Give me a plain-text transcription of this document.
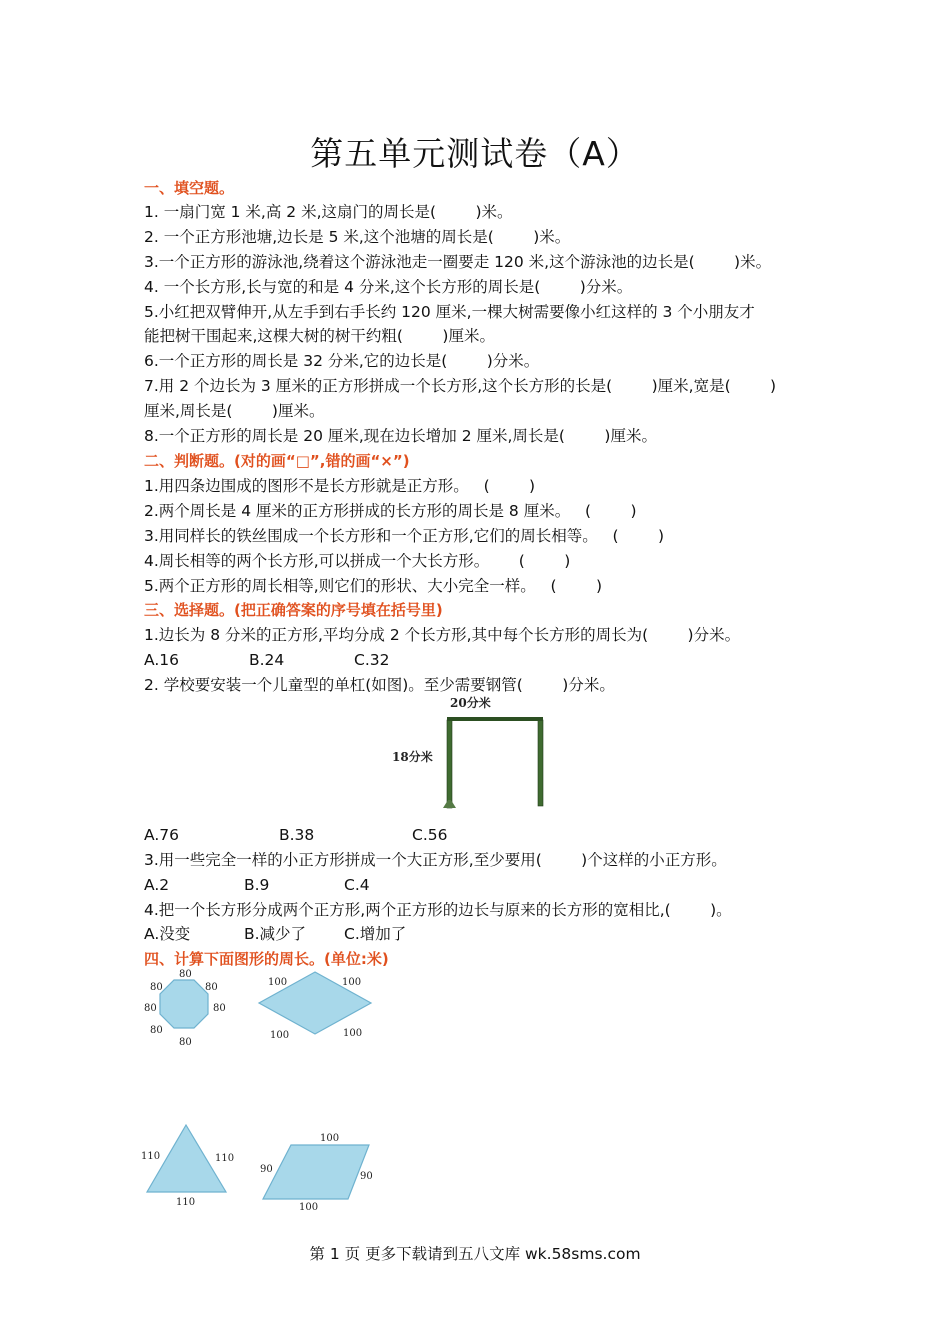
第五单元测试卷（A）
一、填空题。
1. 一扇门宽 1 米,高 2 米,这扇门的周长是(        )米。
2. 一个正方形池塘,边长是 5 米,这个池塘的周长是(        )米。
3.一个正方形的游泳池,绕着这个游泳池走一圈要走 120 米,这个游泳池的边长是(        )米。
4. 一个长方形,长与宽的和是 4 分米,这个长方形的周长是(        )分米。
5.小红把双臂伸开,从左手到右手长约 120 厘米,一棵大树需要像小红这样的 3 个小朋友才
能把树干围起来,这棵大树的树干约粗(        )厘米。
6.一个正方形的周长是 32 分米,它的边长是(        )分米。
7.用 2 个边长为 3 厘米的正方形拼成一个长方形,这个长方形的长是(        )厘米,宽是(        )
厘米,周长是(        )厘米。
8.一个正方形的周长是 20 厘米,现在边长增加 2 厘米,周长是(        )厘米。
二、判断题。(对的画“□”,错的画“×”)
1.用四条边围成的图形不是长方形就是正方形。   (        )
2.两个周长是 4 厘米的正方形拼成的长方形的周长是 8 厘米。   (        )
3.用同样长的铁丝围成一个长方形和一个正方形,它们的周长相等。   (        )
4.周长相等的两个长方形,可以拼成一个大长方形。      (        )
5.两个正方形的周长相等,则它们的形状、大小完全一样。   (        )
三、选择题。(把正确答案的序号填在括号里)
1.边长为 8 分米的正方形,平均分成 2 个长方形,其中每个长方形的周长为(        )分米。
A.16	B.24	C.32
2. 学校要安装一个儿童型的单杠(如图)。至少需要钢管(        )分米。
20分米
18分米
A.76	B.38	C.56
3.用一些完全一样的小正方形拼成一个大正方形,至少要用(        )个这样的小正方形。
A.2	B.9	C.4
4.把一个长方形分成两个正方形,两个正方形的边长与原来的长方形的宽相比,(        )。
A.没变	B.减少了 C.增加了
四、计算下面图形的周长。(单位:米)
80
80	80
80	80
80
80
100	100
100	100
110	110
110
100
90
90
100
第 1 页 更多下载请到五八文库 wk.58sms.com
